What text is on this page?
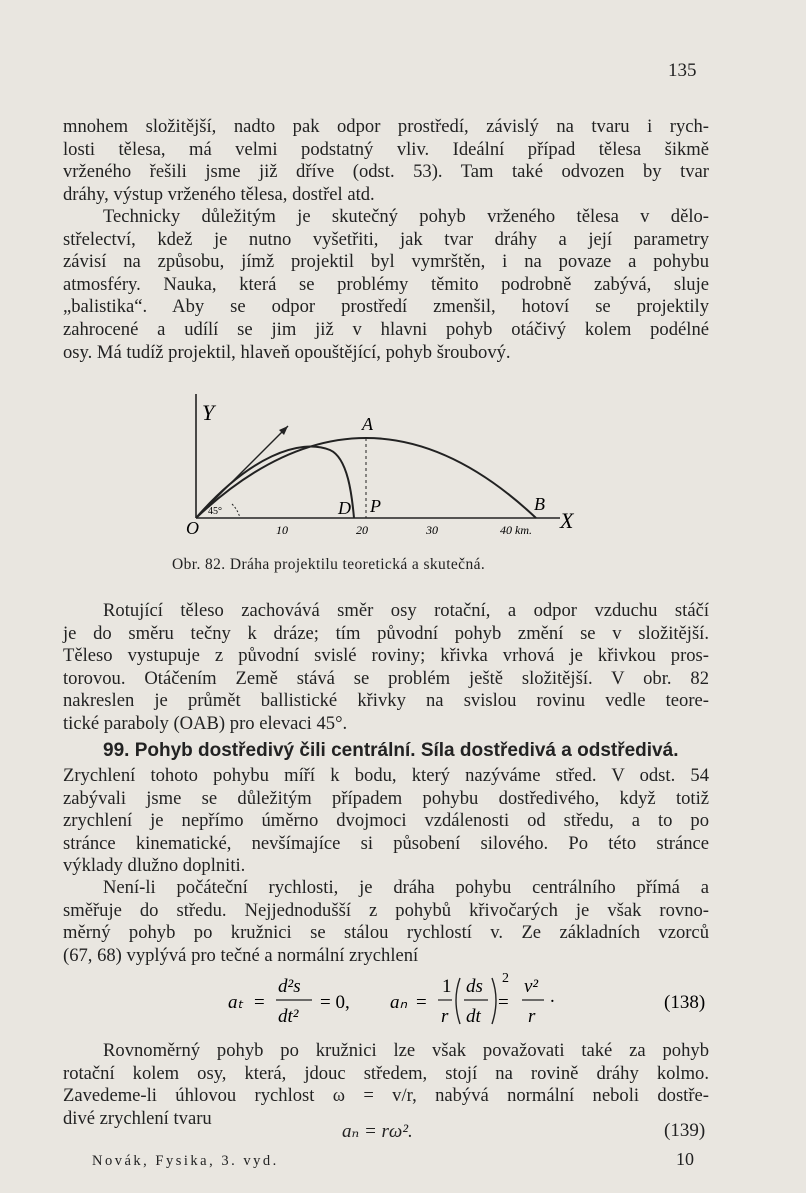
135
mnohem složitější, nadto pak odpor prostředí, závislý na tvaru i rych-
losti tělesa, má velmi podstatný vliv. Ideální případ tělesa šikmě
vrženého řešili jsme již dříve (odst. 53). Tam také odvozen by tvar
dráhy, výstup vrženého tělesa, dostřel atd.
Technicky důležitým je skutečný pohyb vrženého tělesa v dělo-
střelectví, kdež je nutno vyšetřiti, jak tvar dráhy a její parametry
závisí na způsobu, jímž projektil byl vymrštěn, i na povaze a pohybu
atmosféry. Nauka, která se problémy těmito podrobně zabývá, sluje
„balistika“. Aby se odpor prostředí zmenšil, hotoví se projektily
zahrocené a udílí se jim již v hlavni pohyb otáčivý kolem podélné
osy. Má tudíž projektil, hlaveň opouštějící, pohyb šroubový.
Y
X
O
A
B
D P
45°
10	20	30	40 km.
Obr. 82. Dráha projektilu teoretická a skutečná.
Rotující těleso zachovává směr osy rotační, a odpor vzduchu stáčí
je do směru tečny k dráze; tím původní pohyb změní se v složitější.
Těleso vystupuje z původní svislé roviny; křivka vrhová je křivkou pros-
torovou. Otáčením Země stává se problém ještě složitější. V obr. 82
nakreslen je průmět ballistické křivky na svislou rovinu vedle teore-
tické paraboly (OAB) pro elevaci 45°.
99. Pohyb dostředivý čili centrální. Síla dostředivá a odstředivá.
Zrychlení tohoto pohybu míří k bodu, který nazýváme střed. V odst. 54
zabývali jsme se důležitým případem pohybu dostředivého, když totiž
zrychlení je nepřímo úměrno dvojmoci vzdálenosti od středu, a to po
stránce kinematické, nevšímajíce si působení silového. Po této stránce
výklady dlužno doplniti.
Není-li počáteční rychlosti, je dráha pohybu centrálního přímá a
směřuje do středu. Nejjednodušší z pohybů křivočarých je však rovno-
měrný pohyb po kružnici se stálou rychlostí v. Ze základních vzorců
(67, 68) vyplývá pro tečné a normální zrychlení
aₜ =
d²s
dt²
= 0, aₙ =
1
r
ds
dt
2
=
v²
r
.	(138)
Rovnoměrný pohyb po kružnici lze však považovati také za pohyb
rotační kolem osy, která, jdouc středem, stojí na rovině dráhy kolmo.
Zavedeme-li úhlovou rychlost ω = v/r, nabývá normální neboli dostře-
divé zrychlení tvaru
aₙ = rω².	(139)
Novák, Fysika, 3. vyd.	10
